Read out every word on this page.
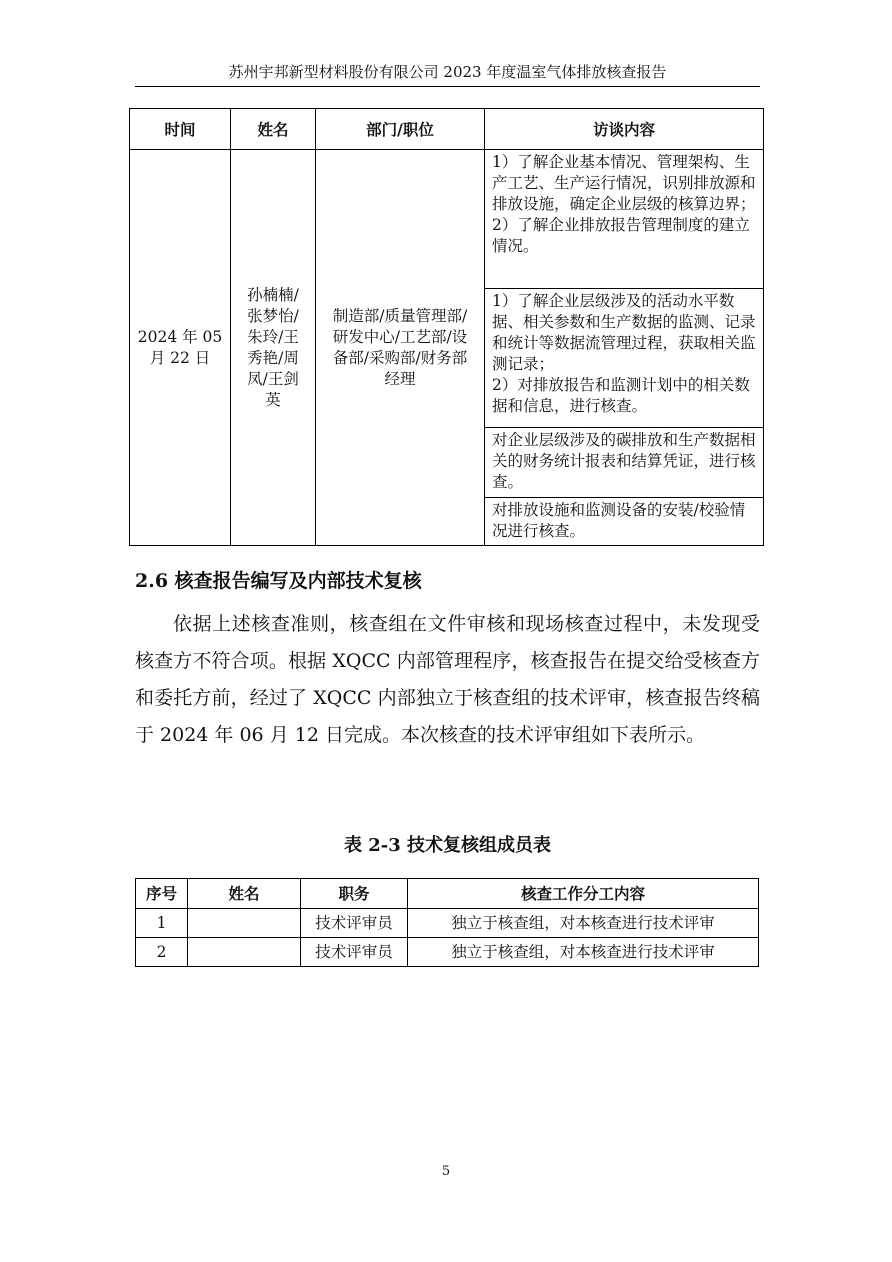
苏州宇邦新型材料股份有限公司 2023 年度温室气体排放核查报告
时间	姓名	部门/职位	访谈内容
2024 年 05 月 22 日	孙楠楠/张梦怡/朱玲/王秀艳/周凤/王剑英	制造部/质量管理部/研发中心/工艺部/设备部/采购部/财务部经理	1）了解企业基本情况、管理架构、生产工艺、生产运行情况，识别排放源和排放设施，确定企业层级的核算边界；
2）了解企业排放报告管理制度的建立情况。
			1）了解企业层级涉及的活动水平数据、相关参数和生产数据的监测、记录和统计等数据流管理过程，获取相关监测记录；
2）对排放报告和监测计划中的相关数据和信息，进行核查。
			对企业层级涉及的碳排放和生产数据相关的财务统计报表和结算凭证，进行核查。
			对排放设施和监测设备的安装/校验情况进行核查。
2.6 核查报告编写及内部技术复核

依据上述核查准则，核查组在文件审核和现场核查过程中，未发现受核查方不符合项。根据 XQCC 内部管理程序，核查报告在提交给受核查方和委托方前，经过了 XQCC 内部独立于核查组的技术评审，核查报告终稿于 2024 年 06 月 12 日完成。本次核查的技术评审组如下表所示。

表 2-3 技术复核组成员表
序号	姓名	职务	核查工作分工内容
1		技术评审员	独立于核查组，对本核查进行技术评审
2		技术评审员	独立于核查组，对本核查进行技术评审
5
